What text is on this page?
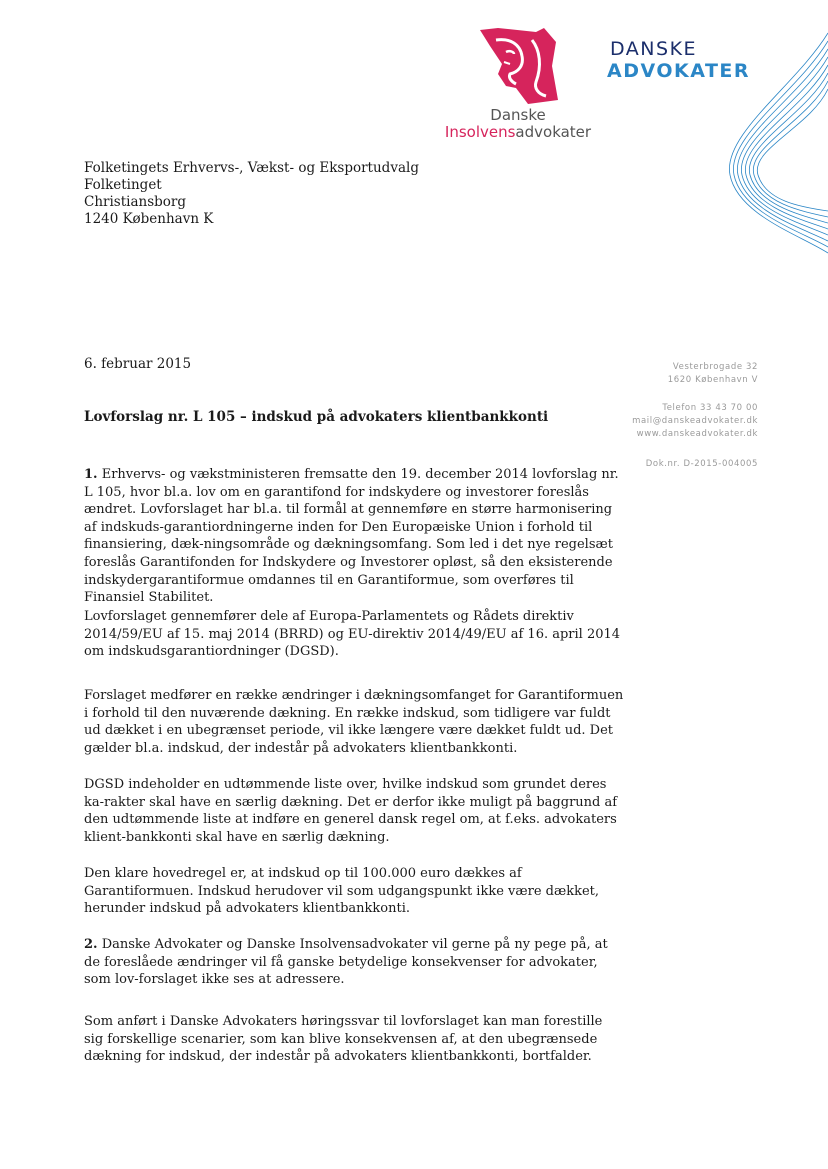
Danske
Insolvensadvokater
DANSKE
ADVOKATER
Folketingets Erhvervs-, Vækst- og Eksportudvalg
Folketinget
Christiansborg
1240 København K
Vesterbrogade 32
1620 København V
Telefon 33 43 70 00
mail@danskeadvokater.dk
www.danskeadvokater.dk
Dok.nr. D-2015-004005
6. februar 2015
Lovforslag nr. L 105 – indskud på advokaters klientbankkonti
1. Erhvervs- og vækstministeren fremsatte den 19. december 2014 lovforslag nr. L 105, hvor bl.a. lov om en garantifond for indskydere og investorer foreslås ændret. Lovforslaget har bl.a. til formål at gennemføre en større harmonisering af indskuds-garantiordningerne inden for Den Europæiske Union i forhold til finansiering, dæk-ningsområde og dækningsomfang. Som led i det nye regelsæt foreslås Garantifonden for Indskydere og Investorer opløst, så den eksisterende indskydergarantiformue omdannes til en Garantiformue, som overføres til Finansiel Stabilitet.
Lovforslaget gennemfører dele af Europa-Parlamentets og Rådets direktiv 2014/59/EU af 15. maj 2014 (BRRD) og EU-direktiv 2014/49/EU af 16. april 2014 om indskudsgarantiordninger (DGSD).
Forslaget medfører en række ændringer i dækningsomfanget for Garantiformuen i forhold til den nuværende dækning. En række indskud, som tidligere var fuldt ud dækket i en ubegrænset periode, vil ikke længere være dækket fuldt ud. Det gælder bl.a. indskud, der indestår på advokaters klientbankkonti.
DGSD indeholder en udtømmende liste over, hvilke indskud som grundet deres ka-rakter skal have en særlig dækning. Det er derfor ikke muligt på baggrund af den udtømmende liste at indføre en generel dansk regel om, at f.eks. advokaters klient-bankkonti skal have en særlig dækning.
Den klare hovedregel er, at indskud op til 100.000 euro dækkes af Garantiformuen. Indskud herudover vil som udgangspunkt ikke være dækket, herunder indskud på advokaters klientbankkonti.
2. Danske Advokater og Danske Insolvensadvokater vil gerne på ny pege på, at de foreslåede ændringer vil få ganske betydelige konsekvenser for advokater, som lov-forslaget ikke ses at adressere.
Som anført i Danske Advokaters høringssvar til lovforslaget kan man forestille sig forskellige scenarier, som kan blive konsekvensen af, at den ubegrænsede dækning for indskud, der indestår på advokaters klientbankkonti, bortfalder.
